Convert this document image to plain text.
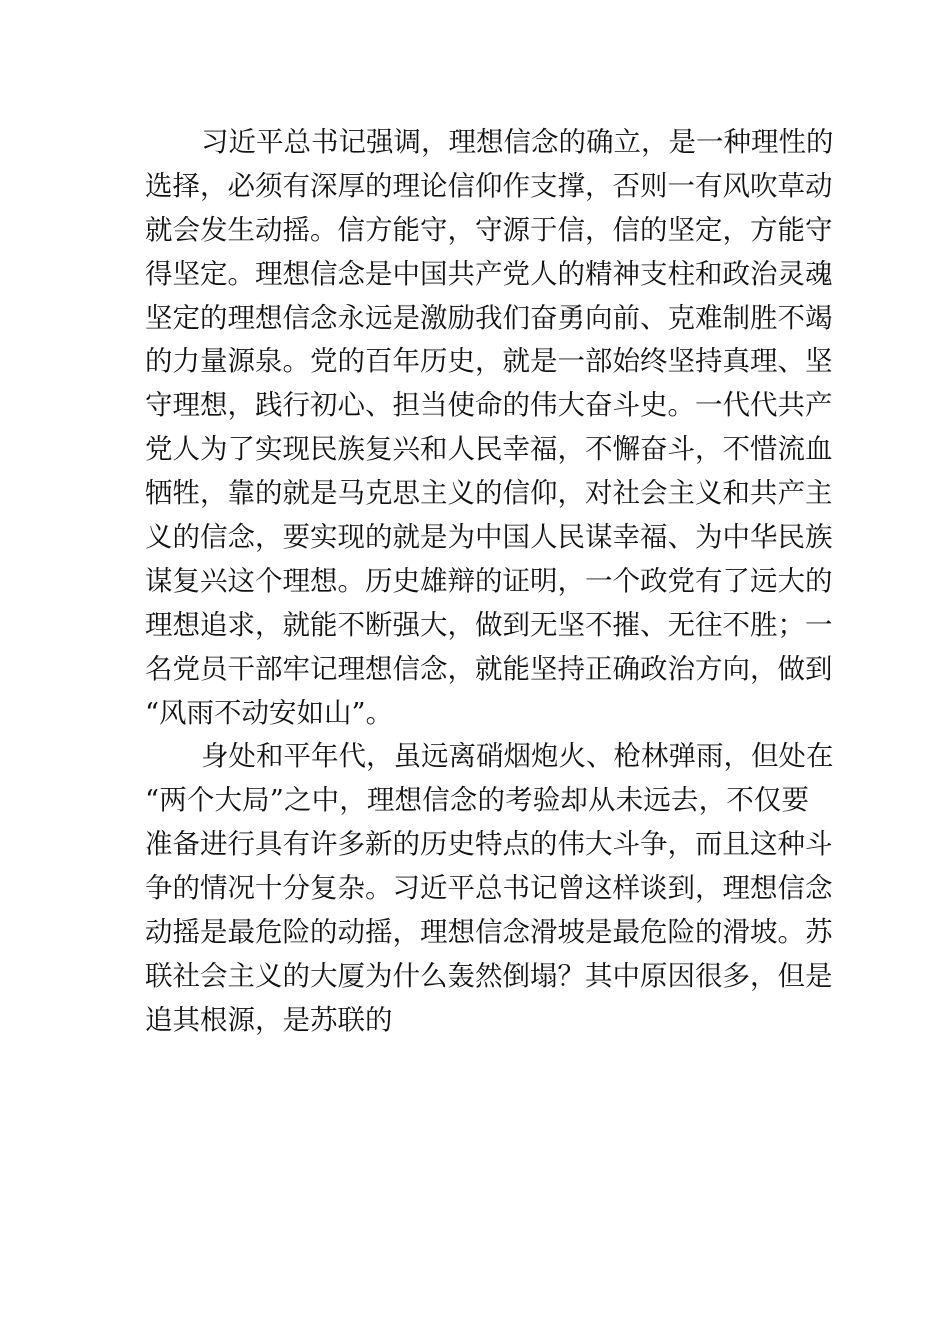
习近平总书记强调，理想信念的确立，是一种理性的
选择，必须有深厚的理论信仰作支撑，否则一有风吹草动
就会发生动摇。信方能守，守源于信，信的坚定，方能守
得坚定。理想信念是中国共产党人的精神支柱和政治灵魂
坚定的理想信念永远是激励我们奋勇向前、克难制胜不竭
的力量源泉。党的百年历史，就是一部始终坚持真理、坚
守理想，践行初心、担当使命的伟大奋斗史。一代代共产
党人为了实现民族复兴和人民幸福，不懈奋斗，不惜流血
牺牲，靠的就是马克思主义的信仰，对社会主义和共产主
义的信念，要实现的就是为中国人民谋幸福、为中华民族
谋复兴这个理想。历史雄辩的证明，一个政党有了远大的
理想追求，就能不断强大，做到无坚不摧、无往不胜；一
名党员干部牢记理想信念，就能坚持正确政治方向，做到
“风雨不动安如山”。
身处和平年代，虽远离硝烟炮火、枪林弹雨，但处在
“两个大局”之中，理想信念的考验却从未远去，不仅要
准备进行具有许多新的历史特点的伟大斗争，而且这种斗
争的情况十分复杂。习近平总书记曾这样谈到，理想信念
动摇是最危险的动摇，理想信念滑坡是最危险的滑坡。苏
联社会主义的大厦为什么轰然倒塌？其中原因很多，但是
追其根源，是苏联的
